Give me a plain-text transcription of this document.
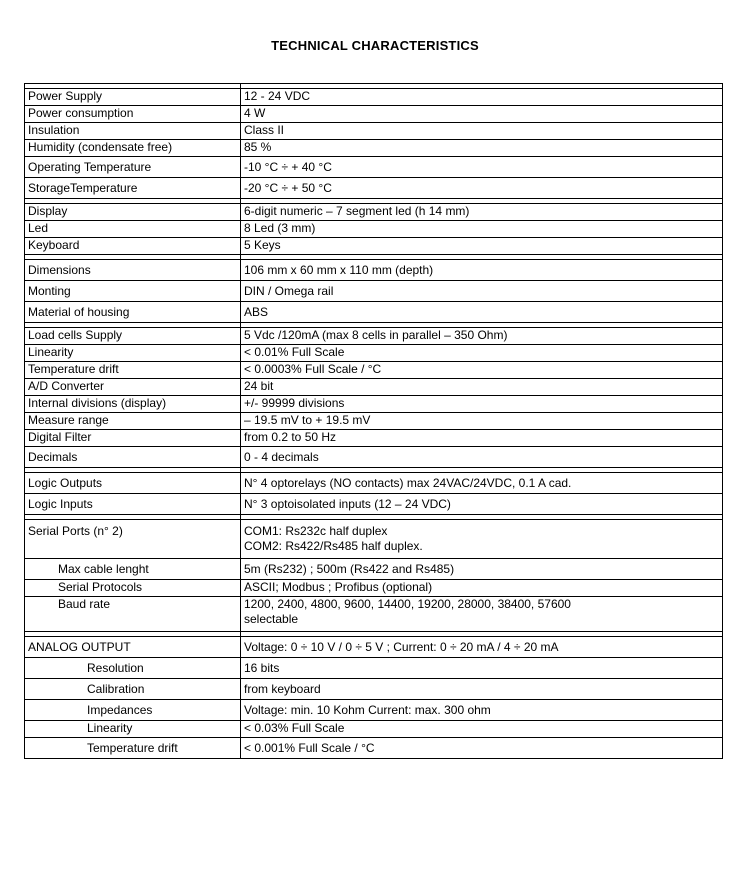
TECHNICAL CHARACTERISTICS

Power Supply	12 - 24 VDC
Power consumption	4 W
Insulation	Class II
Humidity (condensate free)	85 %
Operating Temperature	-10 °C ÷ + 40 °C
StorageTemperature	-20 °C ÷ + 50 °C

Display	6-digit numeric – 7 segment led (h 14 mm)
Led	8 Led (3 mm)
Keyboard	5 Keys

Dimensions	106 mm x 60 mm x 110 mm (depth)
Monting	DIN / Omega rail
Material of housing	ABS

Load cells Supply	5 Vdc /120mA (max 8 cells in parallel – 350 Ohm)
Linearity	< 0.01% Full Scale
Temperature drift	< 0.0003% Full Scale / °C
A/D Converter	24 bit
Internal divisions (display)	+/- 99999 divisions
Measure range	– 19.5 mV to + 19.5 mV
Digital Filter	from 0.2 to 50 Hz
Decimals	0 - 4 decimals

Logic Outputs	N° 4 optorelays (NO contacts) max 24VAC/24VDC, 0.1 A cad.
Logic Inputs	N° 3 optoisolated inputs (12 – 24 VDC)

Serial Ports (n° 2)	COM1: Rs232c half duplex
COM2: Rs422/Rs485 half duplex.

Max cable lenght	5m (Rs232) ; 500m (Rs422 and Rs485)
Serial Protocols	ASCII; Modbus ; Profibus (optional)
Baud rate	1200, 2400, 4800, 9600, 14400, 19200, 28000, 38400, 57600
selectable

ANALOG OUTPUT	Voltage: 0 ÷ 10 V / 0 ÷ 5 V ; Current: 0 ÷ 20 mA / 4 ÷ 20 mA
Resolution	16 bits
Calibration	from keyboard
Impedances	Voltage: min. 10 Kohm Current: max. 300 ohm
Linearity	< 0.03% Full Scale
Temperature drift	< 0.001% Full Scale / °C
